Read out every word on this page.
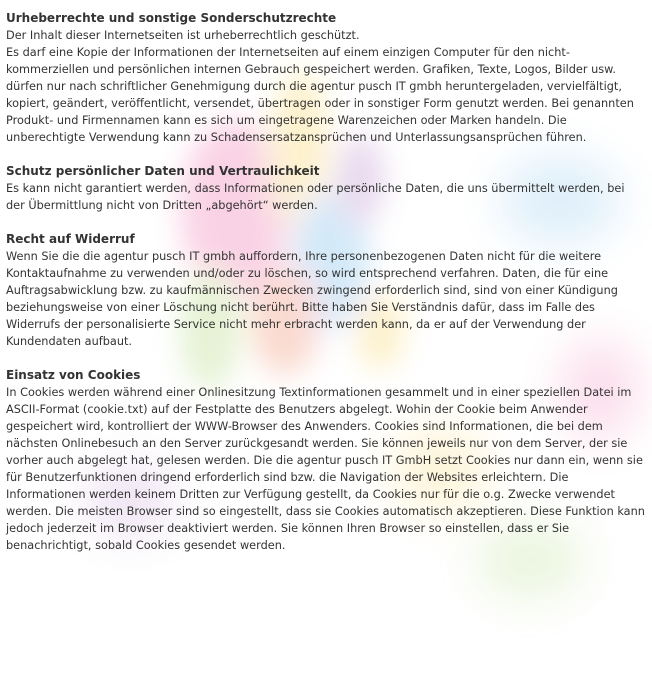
Urheberrechte und sonstige Sonderschutzrechte

Der Inhalt dieser Internetseiten ist urheberrechtlich geschützt.

Es darf eine Kopie der Informationen der Internetseiten auf einem einzigen Computer für den nicht-kommerziellen und persönlichen internen Gebrauch gespeichert werden. Grafiken, Texte, Logos, Bilder usw. dürfen nur nach schriftlicher Genehmigung durch die agentur pusch IT gmbh heruntergeladen, vervielfältigt, kopiert, geändert, veröffentlicht, versendet, übertragen oder in sonstiger Form genutzt werden. Bei genannten Produkt- und Firmennamen kann es sich um eingetragene Warenzeichen oder Marken handeln. Die unberechtigte Verwendung kann zu Schadensersatzansprüchen und Unterlassungsansprüchen führen.

Schutz persönlicher Daten und Vertraulichkeit

Es kann nicht garantiert werden, dass Informationen oder persönliche Daten, die uns übermittelt werden, bei der Übermittlung nicht von Dritten „abgehört“ werden.

Recht auf Widerruf

Wenn Sie die die agentur pusch IT gmbh auffordern, Ihre personenbezogenen Daten nicht für die weitere Kontaktaufnahme zu verwenden und/oder zu löschen, so wird entsprechend verfahren. Daten, die für eine Auftragsabwicklung bzw. zu kaufmännischen Zwecken zwingend erforderlich sind, sind von einer Kündigung beziehungsweise von einer Löschung nicht berührt. Bitte haben Sie Verständnis dafür, dass im Falle des Widerrufs der personalisierte Service nicht mehr erbracht werden kann, da er auf der Verwendung der Kundendaten aufbaut.

Einsatz von Cookies

In Cookies werden während einer Onlinesitzung Textinformationen gesammelt und in einer speziellen Datei im ASCII-Format (cookie.txt) auf der Festplatte des Benutzers abgelegt. Wohin der Cookie beim Anwender gespeichert wird, kontrolliert der WWW-Browser des Anwenders. Cookies sind Informationen, die bei dem nächsten Onlinebesuch an den Server zurückgesandt werden. Sie können jeweils nur von dem Server, der sie vorher auch abgelegt hat, gelesen werden. Die die agentur pusch IT GmbH setzt Cookies nur dann ein, wenn sie für Benutzerfunktionen dringend erforderlich sind bzw. die Navigation der Websites erleichtern. Die Informationen werden keinem Dritten zur Verfügung gestellt, da Cookies nur für die o.g. Zwecke verwendet werden. Die meisten Browser sind so eingestellt, dass sie Cookies automatisch akzeptieren. Diese Funktion kann jedoch jederzeit im Browser deaktiviert werden. Sie können Ihren Browser so einstellen, dass er Sie benachrichtigt, sobald Cookies gesendet werden.
